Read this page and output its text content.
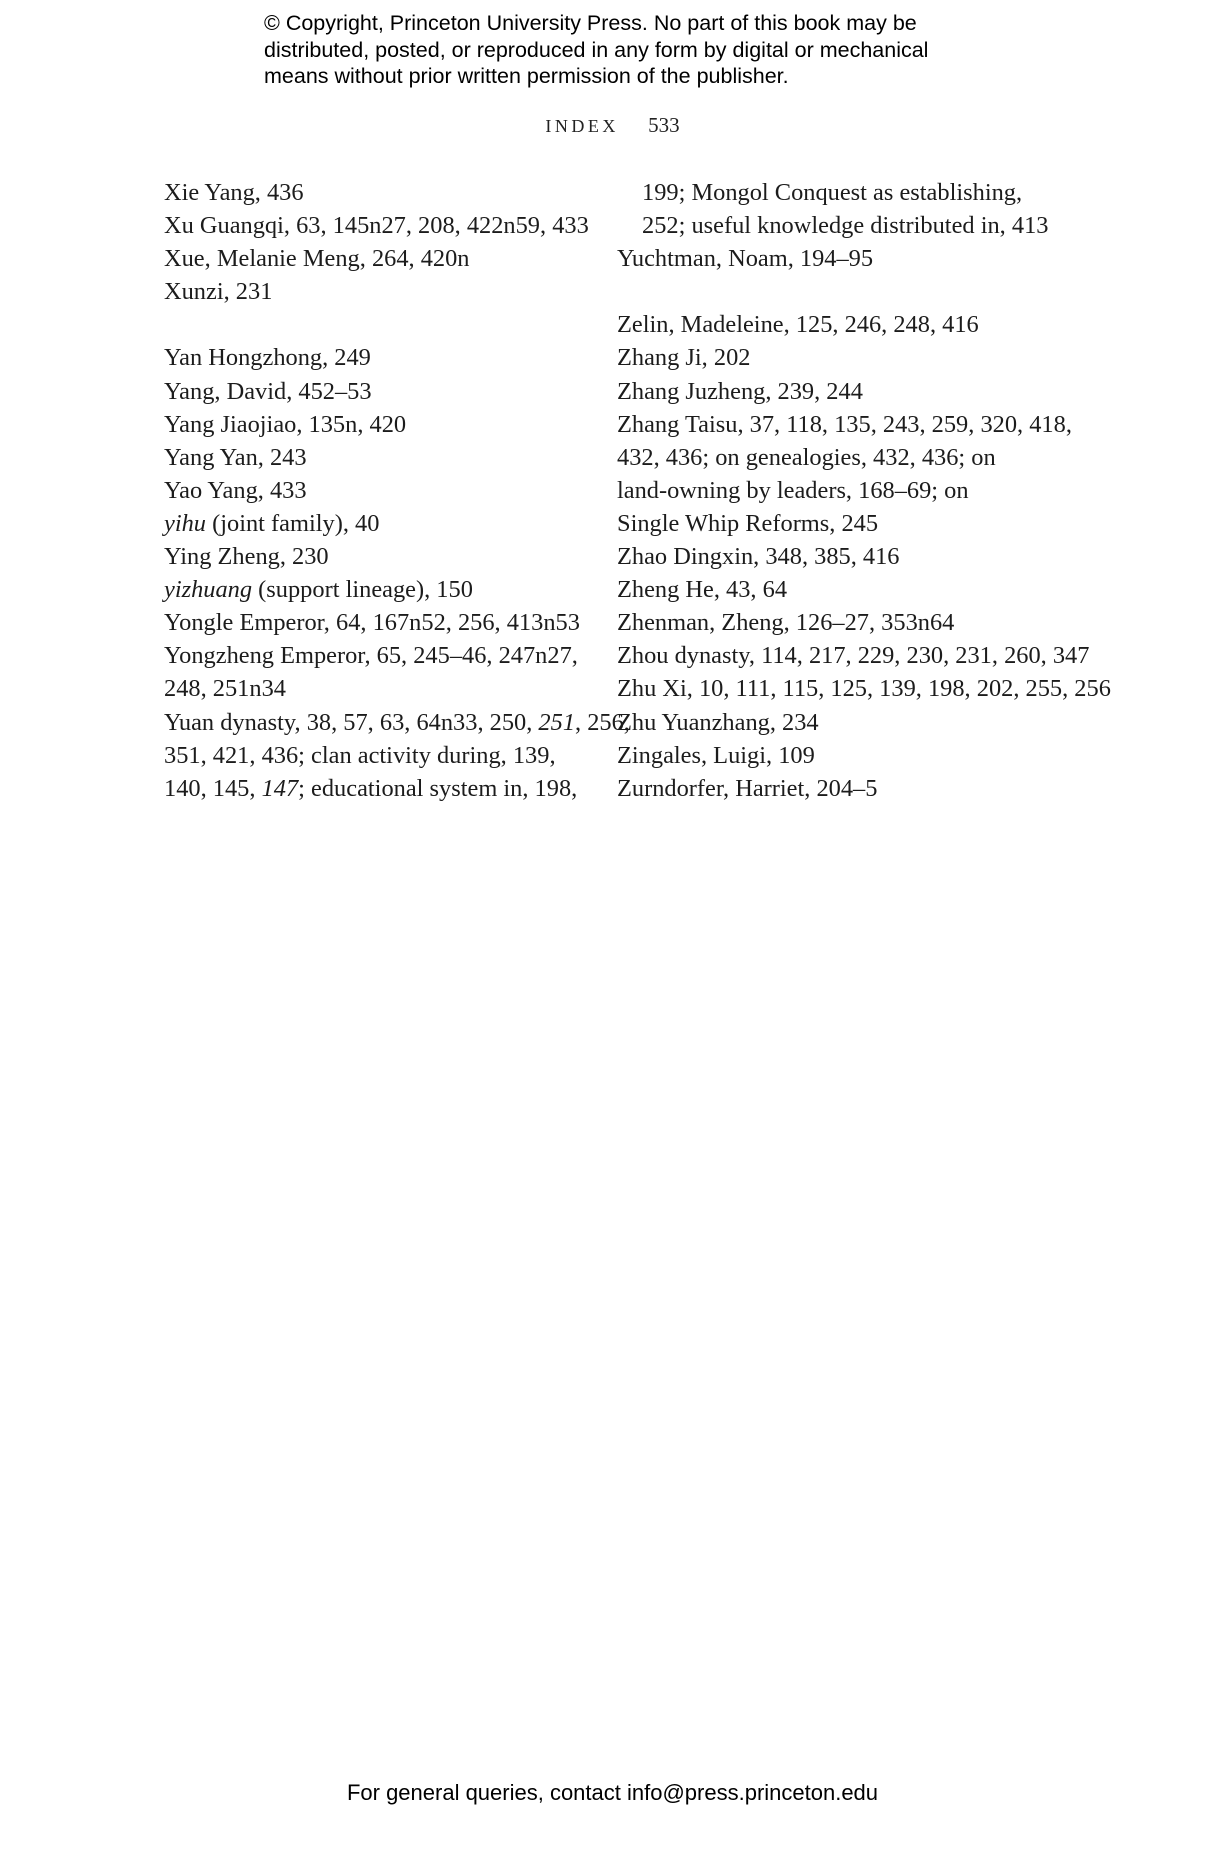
© Copyright, Princeton University Press. No part of this book may be
distributed, posted, or reproduced in any form by digital or mechanical
means without prior written permission of the publisher.
INDEX 533
Xie Yang, 436
Xu Guangqi, 63, 145n27, 208, 422n59, 433
Xue, Melanie Meng, 264, 420n
Xunzi, 231
Yan Hongzhong, 249
Yang, David, 452–53
Yang Jiaojiao, 135n, 420
Yang Yan, 243
Yao Yang, 433
yihu (joint family), 40
Ying Zheng, 230
yizhuang (support lineage), 150
Yongle Emperor, 64, 167n52, 256, 413n53
Yongzheng Emperor, 65, 245–46, 247n27,
248, 251n34
Yuan dynasty, 38, 57, 63, 64n33, 250, 251, 256,
351, 421, 436; clan activity during, 139,
140, 145, 147; educational system in, 198,
199; Mongol Conquest as establishing,
252; useful knowledge distributed in, 413
Yuchtman, Noam, 194–95
Zelin, Madeleine, 125, 246, 248, 416
Zhang Ji, 202
Zhang Juzheng, 239, 244
Zhang Taisu, 37, 118, 135, 243, 259, 320, 418,
432, 436; on genealogies, 432, 436; on
land-owning by leaders, 168–69; on
Single Whip Reforms, 245
Zhao Dingxin, 348, 385, 416
Zheng He, 43, 64
Zhenman, Zheng, 126–27, 353n64
Zhou dynasty, 114, 217, 229, 230, 231, 260, 347
Zhu Xi, 10, 111, 115, 125, 139, 198, 202, 255, 256
Zhu Yuanzhang, 234
Zingales, Luigi, 109
Zurndorfer, Harriet, 204–5
For general queries, contact info@press.princeton.edu
